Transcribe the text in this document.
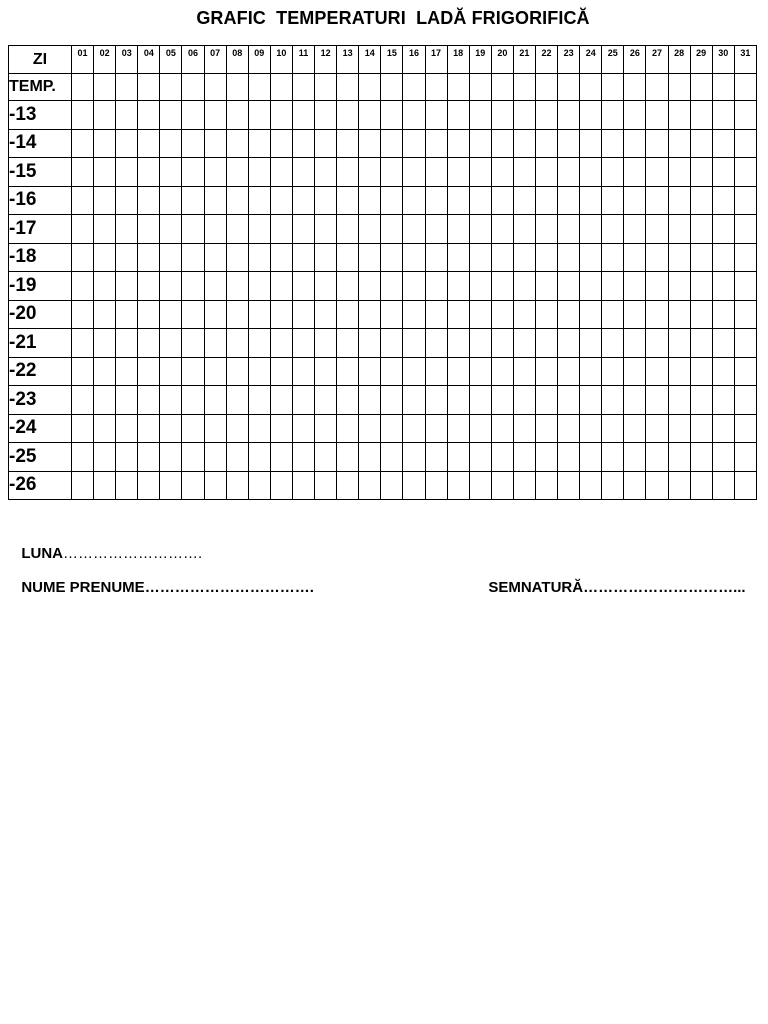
GRAFIC  TEMPERATURI  LADĂ FRIGORIFICĂ
ZI	01	02	03	04	05	06	07	08	09	10	11	12	13	14	15	16	17	18	19	20	21	22	23	24	25	26	27	28	29	30	31
TEMP.																															
-13																															
-14																															
-15																															
-16																															
-17																															
-18																															
-19																															
-20																															
-21																															
-22																															
-23																															
-24																															
-25																															
-26																															

LUNA……………………….

NUME PRENUME…………………………….	SEMNATURĂ…………………………...
